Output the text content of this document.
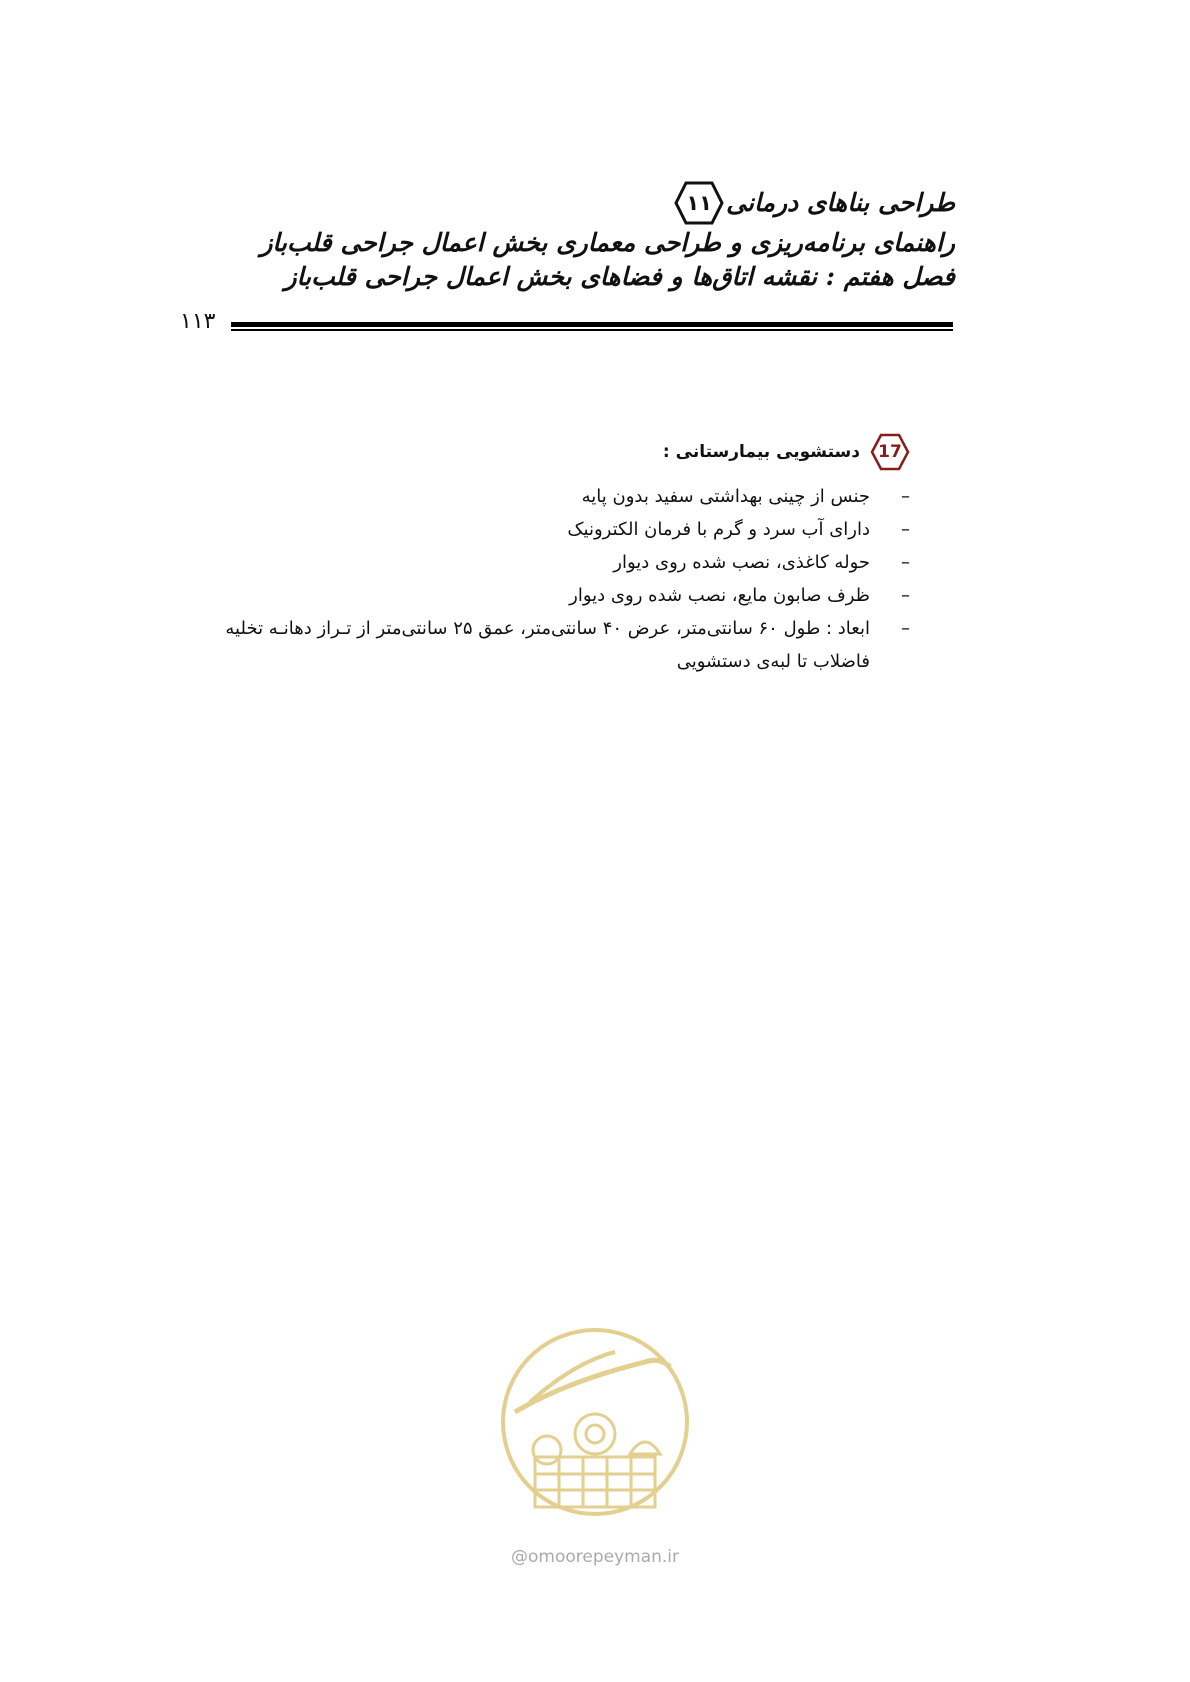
طراحی بناهای درمانی
۱۱
راهنمای برنامه‌ریزی و طراحی معماری بخش اعمال جراحی قلب‌باز
فصل هفتم : نقشه اتاق‌ها و فضاهای بخش اعمال جراحی قلب‌باز
۱۱۳
17
دستشویی بیمارستانی :
–
جنس از چینی بهداشتی سفید بدون پایه
–
دارای آب سرد و گرم با فرمان الکترونیک
–
حوله کاغذی، نصب شده روی دیوار
–
ظرف صابون مایع، نصب شده روی دیوار
–
ابعاد : طول ۶۰ سانتی‌متر، عرض ۴۰ سانتی‌متر، عمق ۲۵ سانتی‌متر از تـراز دهانـه تخلیه فاضلاب تا لبه‌ی دستشویی
@omoorepeyman.ir
